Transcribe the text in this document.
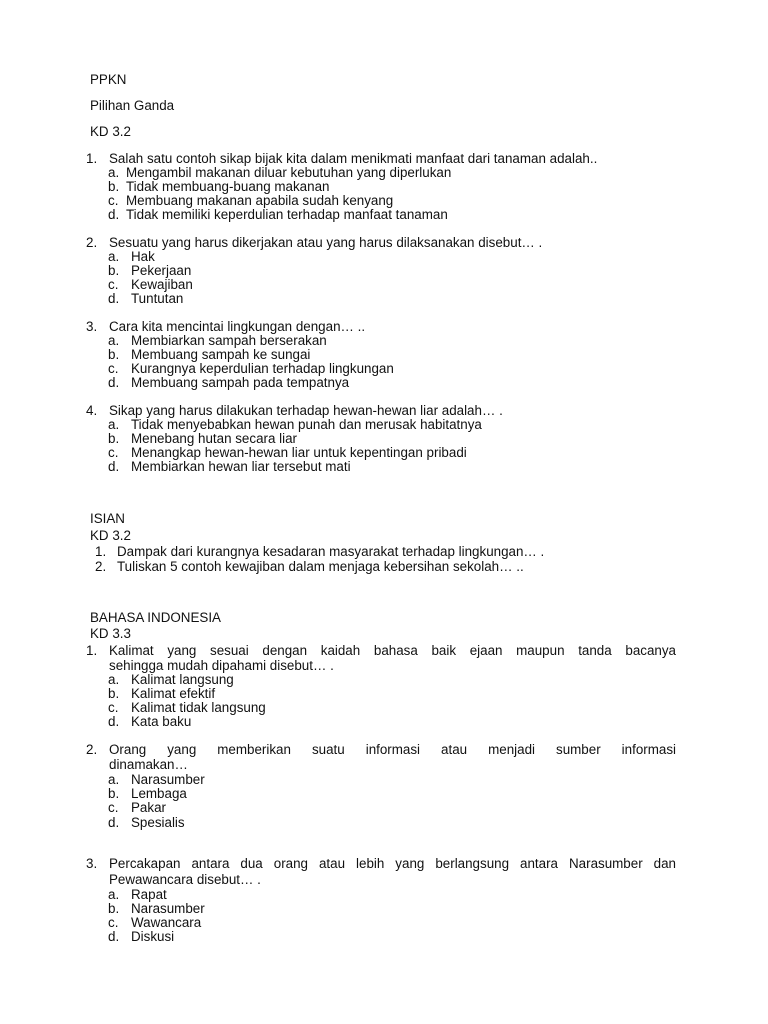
PPKN
Pilihan Ganda
KD 3.2
1. Salah satu contoh sikap bijak kita dalam menikmati manfaat dari tanaman adalah..
a. Mengambil makanan diluar kebutuhan yang diperlukan
b. Tidak membuang-buang makanan
c. Membuang makanan apabila sudah kenyang
d. Tidak memiliki keperdulian terhadap manfaat tanaman
2. Sesuatu yang harus dikerjakan atau yang harus dilaksanakan disebut… .
a. Hak
b. Pekerjaan
c. Kewajiban
d. Tuntutan
3. Cara kita mencintai lingkungan dengan… ..
a. Membiarkan sampah berserakan
b. Membuang sampah ke sungai
c. Kurangnya keperdulian terhadap lingkungan
d. Membuang sampah pada tempatnya
4. Sikap yang harus dilakukan terhadap hewan-hewan liar adalah… .
a. Tidak menyebabkan hewan punah dan merusak habitatnya
b. Menebang hutan secara liar
c. Menangkap hewan-hewan liar untuk kepentingan pribadi
d. Membiarkan hewan liar tersebut mati
ISIAN
KD 3.2
1. Dampak dari kurangnya kesadaran masyarakat terhadap lingkungan… .
2. Tuliskan 5 contoh kewajiban dalam menjaga kebersihan sekolah… ..
BAHASA INDONESIA
KD 3.3
1. Kalimat yang sesuai dengan kaidah bahasa baik ejaan maupun tanda bacanya
sehingga mudah dipahami disebut… .
a. Kalimat langsung
b. Kalimat efektif
c. Kalimat tidak langsung
d. Kata baku
2. Orang yang memberikan suatu informasi atau menjadi sumber informasi
dinamakan…
a. Narasumber
b. Lembaga
c. Pakar
d. Spesialis
3. Percakapan antara dua orang atau lebih yang berlangsung antara Narasumber dan
Pewawancara disebut… .
a. Rapat
b. Narasumber
c. Wawancara
d. Diskusi
